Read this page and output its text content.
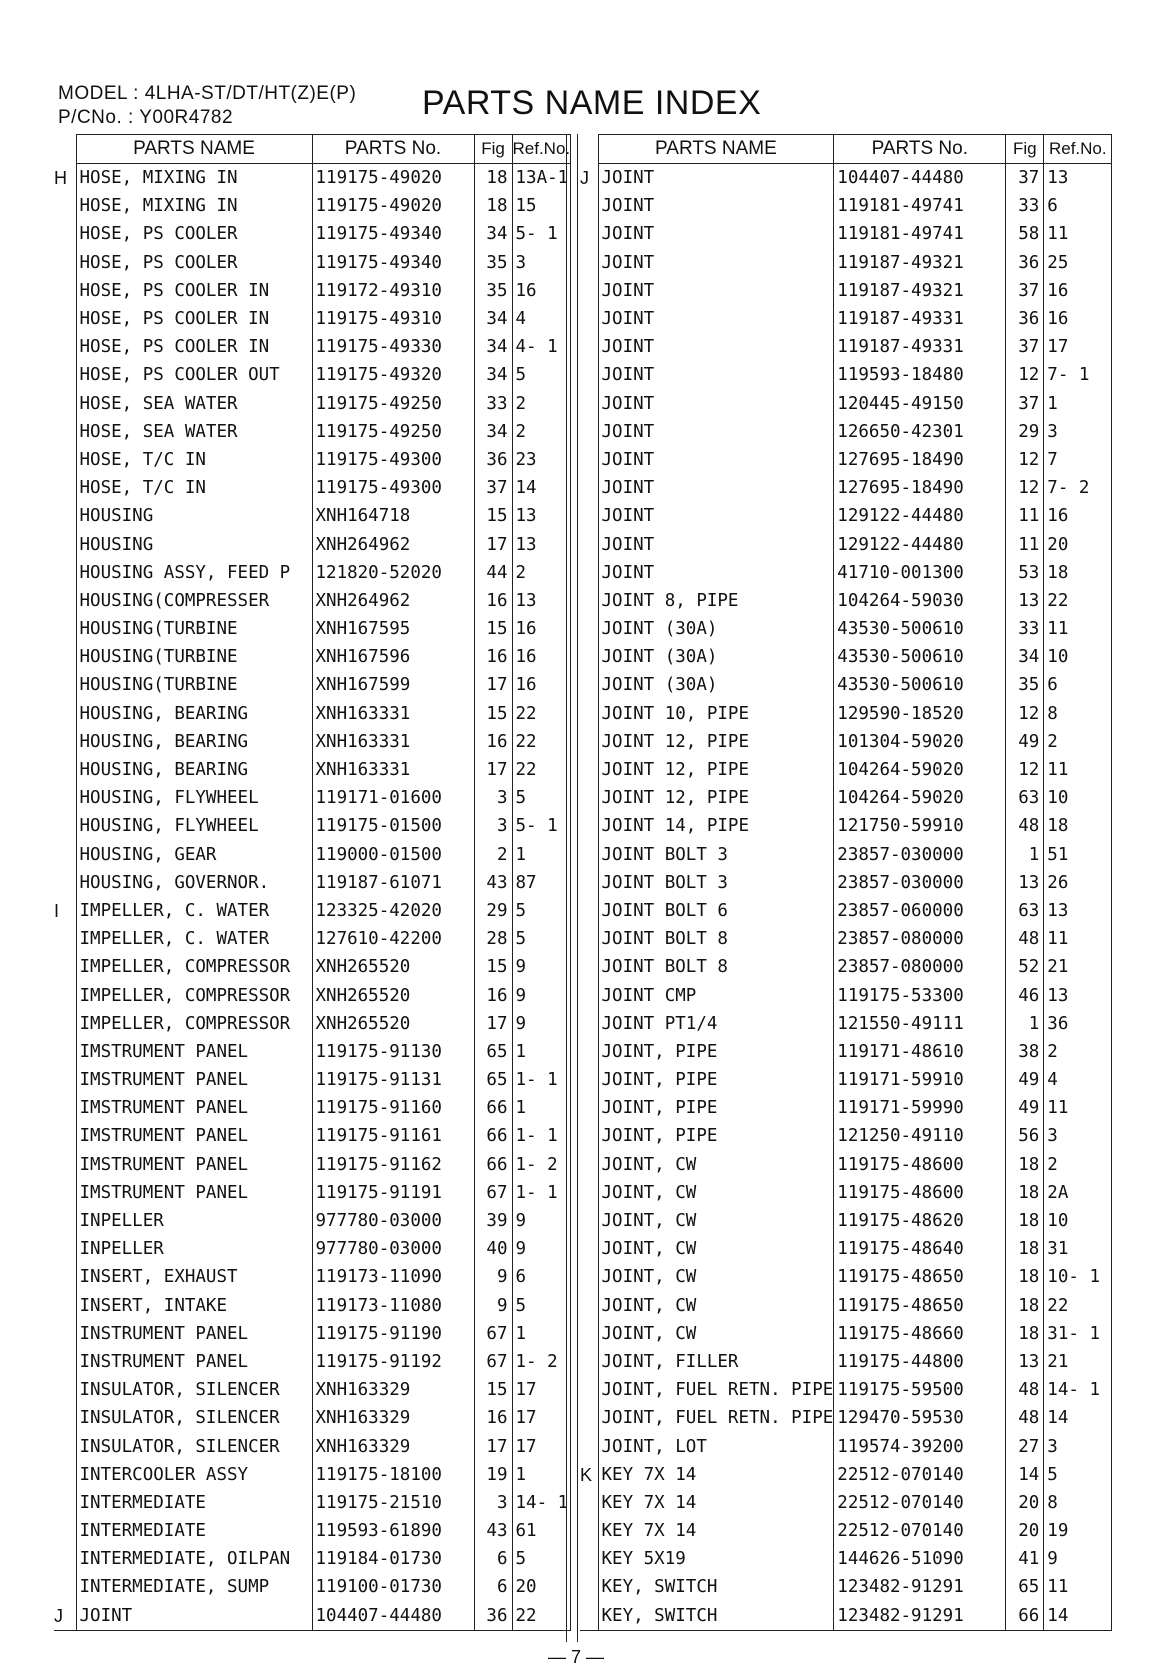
MODEL : 4LHA-ST/DT/HT(Z)E(P)
P/CNo. : Y00R4782	PARTS NAME INDEX
	PARTS NAME	PARTS No.	Fig	Ref.No.
H	HOSE, MIXING IN	119175-49020	18	13A-1
	HOSE, MIXING IN	119175-49020	18	15
	HOSE, PS COOLER	119175-49340	34	5- 1
	HOSE, PS COOLER	119175-49340	35	3
	HOSE, PS COOLER IN	119172-49310	35	16
	HOSE, PS COOLER IN	119175-49310	34	4
	HOSE, PS COOLER IN	119175-49330	34	4- 1
	HOSE, PS COOLER OUT	119175-49320	34	5
	HOSE, SEA WATER	119175-49250	33	2
	HOSE, SEA WATER	119175-49250	34	2
	HOSE, T/C IN	119175-49300	36	23
	HOSE, T/C IN	119175-49300	37	14
	HOUSING	XNH164718	15	13
	HOUSING	XNH264962	17	13
	HOUSING ASSY, FEED P	121820-52020	44	2
	HOUSING(COMPRESSER	XNH264962	16	13
	HOUSING(TURBINE	XNH167595	15	16
	HOUSING(TURBINE	XNH167596	16	16
	HOUSING(TURBINE	XNH167599	17	16
	HOUSING, BEARING	XNH163331	15	22
	HOUSING, BEARING	XNH163331	16	22
	HOUSING, BEARING	XNH163331	17	22
	HOUSING, FLYWHEEL	119171-01600	3	5
	HOUSING, FLYWHEEL	119175-01500	3	5- 1
	HOUSING, GEAR	119000-01500	2	1
	HOUSING, GOVERNOR.	119187-61071	43	87
I	IMPELLER, C. WATER	123325-42020	29	5
	IMPELLER, C. WATER	127610-42200	28	5
	IMPELLER, COMPRESSOR	XNH265520	15	9
	IMPELLER, COMPRESSOR	XNH265520	16	9
	IMPELLER, COMPRESSOR	XNH265520	17	9
	IMSTRUMENT PANEL	119175-91130	65	1
	IMSTRUMENT PANEL	119175-91131	65	1- 1
	IMSTRUMENT PANEL	119175-91160	66	1
	IMSTRUMENT PANEL	119175-91161	66	1- 1
	IMSTRUMENT PANEL	119175-91162	66	1- 2
	IMSTRUMENT PANEL	119175-91191	67	1- 1
	INPELLER	977780-03000	39	9
	INPELLER	977780-03000	40	9
	INSERT, EXHAUST	119173-11090	9	6
	INSERT, INTAKE	119173-11080	9	5
	INSTRUMENT PANEL	119175-91190	67	1
	INSTRUMENT PANEL	119175-91192	67	1- 2
	INSULATOR, SILENCER	XNH163329	15	17
	INSULATOR, SILENCER	XNH163329	16	17
	INSULATOR, SILENCER	XNH163329	17	17
	INTERCOOLER ASSY	119175-18100	19	1
	INTERMEDIATE	119175-21510	3	14- 1
	INTERMEDIATE	119593-61890	43	61
	INTERMEDIATE, OILPAN	119184-01730	6	5
	INTERMEDIATE, SUMP	119100-01730	6	20
J	JOINT	104407-44480	36	22
	PARTS NAME	PARTS No.	Fig	Ref.No.
J	JOINT	104407-44480	37	13
	JOINT	119181-49741	33	6
	JOINT	119181-49741	58	11
	JOINT	119187-49321	36	25
	JOINT	119187-49321	37	16
	JOINT	119187-49331	36	16
	JOINT	119187-49331	37	17
	JOINT	119593-18480	12	7- 1
	JOINT	120445-49150	37	1
	JOINT	126650-42301	29	3
	JOINT	127695-18490	12	7
	JOINT	127695-18490	12	7- 2
	JOINT	129122-44480	11	16
	JOINT	129122-44480	11	20
	JOINT	41710-001300	53	18
	JOINT 8, PIPE	104264-59030	13	22
	JOINT (30A)	43530-500610	33	11
	JOINT (30A)	43530-500610	34	10
	JOINT (30A)	43530-500610	35	6
	JOINT 10, PIPE	129590-18520	12	8
	JOINT 12, PIPE	101304-59020	49	2
	JOINT 12, PIPE	104264-59020	12	11
	JOINT 12, PIPE	104264-59020	63	10
	JOINT 14, PIPE	121750-59910	48	18
	JOINT BOLT 3	23857-030000	1	51
	JOINT BOLT 3	23857-030000	13	26
	JOINT BOLT 6	23857-060000	63	13
	JOINT BOLT 8	23857-080000	48	11
	JOINT BOLT 8	23857-080000	52	21
	JOINT CMP	119175-53300	46	13
	JOINT PT1/4	121550-49111	1	36
	JOINT, PIPE	119171-48610	38	2
	JOINT, PIPE	119171-59910	49	4
	JOINT, PIPE	119171-59990	49	11
	JOINT, PIPE	121250-49110	56	3
	JOINT, CW	119175-48600	18	2
	JOINT, CW	119175-48600	18	2A
	JOINT, CW	119175-48620	18	10
	JOINT, CW	119175-48640	18	31
	JOINT, CW	119175-48650	18	10- 1
	JOINT, CW	119175-48650	18	22
	JOINT, CW	119175-48660	18	31- 1
	JOINT, FILLER	119175-44800	13	21
	JOINT, FUEL RETN. PIPE	119175-59500	48	14- 1
	JOINT, FUEL RETN. PIPE	129470-59530	48	14
	JOINT, LOT	119574-39200	27	3
K	KEY 7X 14	22512-070140	14	5
	KEY 7X 14	22512-070140	20	8
	KEY 7X 14	22512-070140	20	19
	KEY 5X19	144626-51090	41	9
	KEY, SWITCH	123482-91291	65	11
	KEY, SWITCH	123482-91291	66	14
— 7 —
